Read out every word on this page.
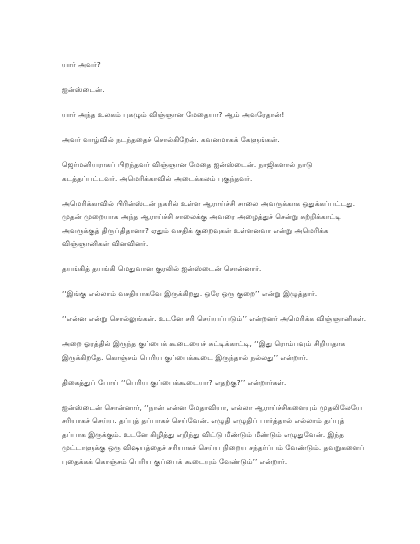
யார் அவர்?

ஐன்ஸ்டைன்.

யார் அந்த உலகம் புகழும் விஞ்ஞான மேதையா? ஆம் அவரேதான்!

அவர் வாழ்வில் நடந்ததைச் சொல்கிறேன். கவனமாகக் கேளுங்கள்.

ஜெர்மனியராகப் பிறந்தவர் விஞ்ஞான மேதை ஐன்ஸ்டைன். நாஜிகளால் நாடு கடத்தப்பட்டவர். அமெரிக்காவில் அடைக்கலம் புகுந்தவர்.

அமெரிக்காவில் பிரின்ஸ்டன் நகரில் உள்ள ஆராய்ச்சி சாலை அவருக்காக ஒதுக்கப்பட்டது. முதன் முறையாக அந்த ஆராய்ச்சி சாலைக்கு அவரை அழைத்துச் சென்று சுற்றிக்காட்டி அவருக்குத் திருப்திதானா? ஏதும் வசதிக் குறைவுகள் உள்ளனவா என்று அமெரிக்க விஞ்ஞானிகள் வினவினர்.

தயங்கித் தயங்கி மெதுவான குரலில் ஐன்ஸ்டைன் சொன்னார்.

‘‘இங்கு எல்லாம் வசதியாகவே இருக்கிறது. ஒரே ஒரு குறை’’ என்று இழுத்தார்.

‘‘என்ன என்று சொல்லுங்கள். உடனே சரி செய்யப்படும்’’ என்றனர் அமெரிக்க விஞ்ஞானிகள்.

அறை ஓரத்தில் இருந்த குப்பைக் கூடையைச் சுட்டிக்காட்டி, ‘‘இது ரொம்பவும் சிறியதாக இருக்கிறதே. கொஞ்சம் பெரிய குப்பைக்கூடை இருந்தால் நல்லது’’ என்றார்.

திகைத்துப் போய் ‘‘பெரிய குப்பைக்கூடையா? எதற்கு?’’ என்றார்கள்.

ஐன்ஸ்டைன் சொன்னார், ‘‘நான் என்ன மேதாவியா, எல்லா ஆராய்ச்சிகளையும் முதலிலேயே சரியாகச் செய்ய. தப்புத் தப்பாகச் செய்வேன். எழுதி எழுதிப் பார்த்தால் எல்லாம் தப்புத் தப்பாக இருக்கும். உடனே கிழித்து எறிந்து விட்டு மீண்டும் மீண்டும் எழுதுவேன். இந்த முட்டாளுக்கு ஒரு விஷயத்தைச் சரியாகச் செய்ய நிறைய சந்தர்ப்பம் வேண்டும். தவறுகளைப் புதைக்கக் கொஞ்சம் பெரிய குப்பைக் கூடையும் வேண்டும்’’ என்றார்.
